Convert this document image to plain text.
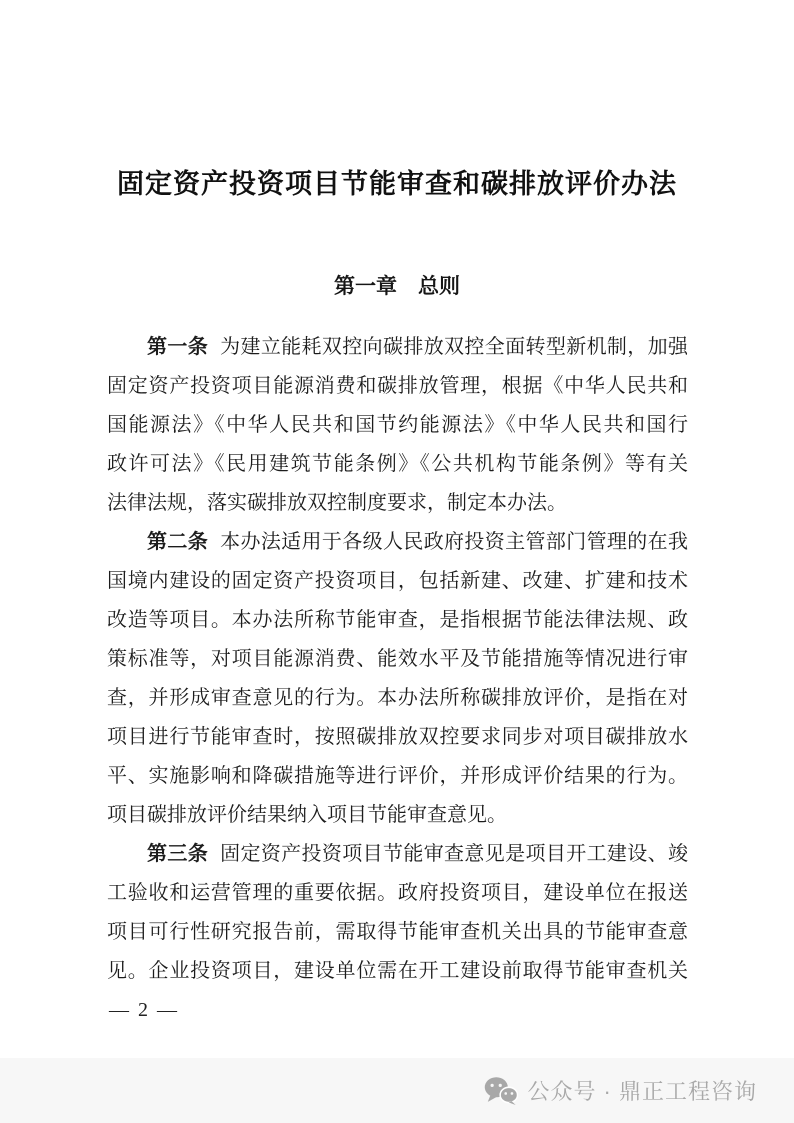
固定资产投资项目节能审查和碳排放评价办法
第一章　总则
第一条 为建立能耗双控向碳排放双控全面转型新机制，加强
固定资产投资项目能源消费和碳排放管理，根据《中华人民共和
国能源法》《中华人民共和国节约能源法》《中华人民共和国行
政许可法》《民用建筑节能条例》《公共机构节能条例》等有关
法律法规，落实碳排放双控制度要求，制定本办法。
第二条 本办法适用于各级人民政府投资主管部门管理的在我
国境内建设的固定资产投资项目，包括新建、改建、扩建和技术
改造等项目。本办法所称节能审查，是指根据节能法律法规、政
策标准等，对项目能源消费、能效水平及节能措施等情况进行审
查，并形成审查意见的行为。本办法所称碳排放评价，是指在对
项目进行节能审查时，按照碳排放双控要求同步对项目碳排放水
平、实施影响和降碳措施等进行评价，并形成评价结果的行为。
项目碳排放评价结果纳入项目节能审查意见。
第三条 固定资产投资项目节能审查意见是项目开工建设、竣
工验收和运营管理的重要依据。政府投资项目，建设单位在报送
项目可行性研究报告前，需取得节能审查机关出具的节能审查意
见。企业投资项目，建设单位需在开工建设前取得节能审查机关
— 2 —
公众号 · 鼎正工程咨询
